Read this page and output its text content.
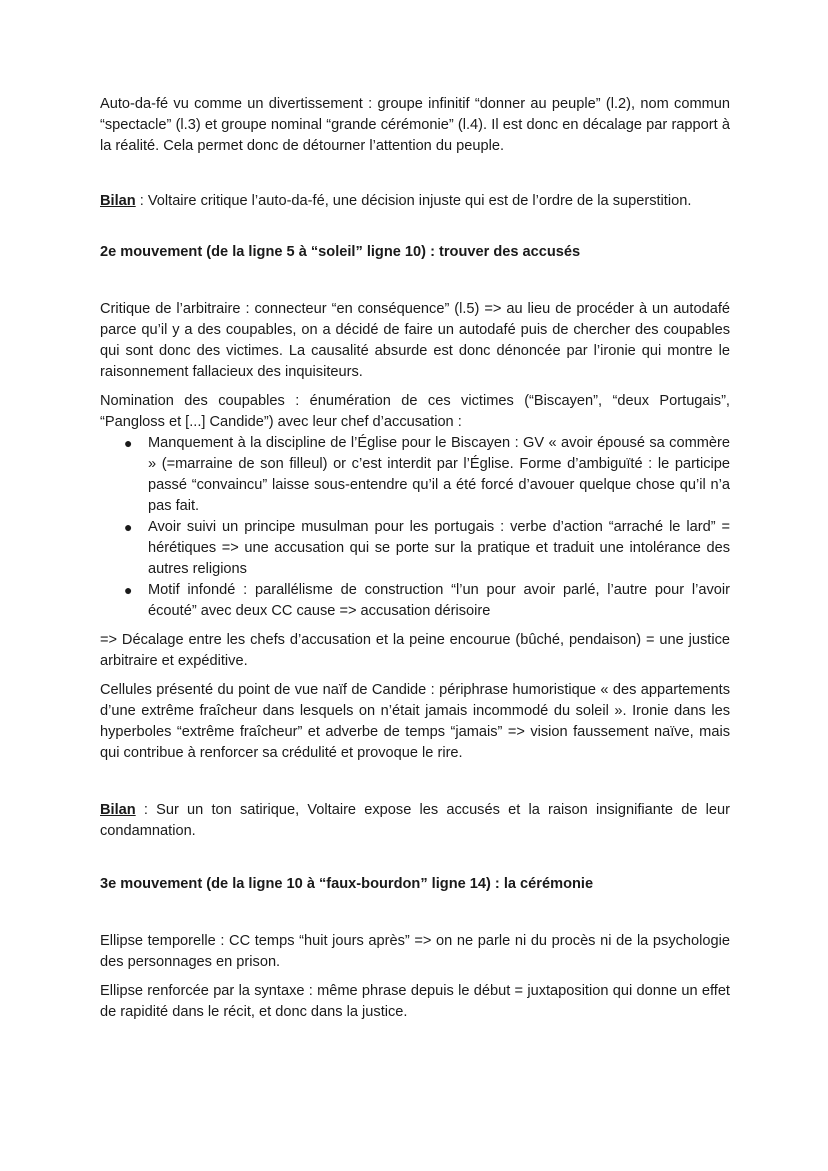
Auto-da-fé vu comme un divertissement : groupe infinitif “donner au peuple” (l.2), nom commun “spectacle” (l.3) et groupe nominal “grande cérémonie” (l.4). Il est donc en décalage par rapport à la réalité. Cela permet donc de détourner l’attention du peuple.

Bilan : Voltaire critique l’auto-da-fé, une décision injuste qui est de l’ordre de la superstition.

2e mouvement (de la ligne 5 à “soleil” ligne 10) : trouver des accusés

Critique de l’arbitraire : connecteur “en conséquence” (l.5) => au lieu de procéder à un autodafé parce qu’il y a des coupables, on a décidé de faire un autodafé puis de chercher des coupables qui sont donc des victimes. La causalité absurde est donc dénoncée par l’ironie qui montre le raisonnement fallacieux des inquisiteurs.

Nomination des coupables : énumération de ces victimes (“Biscayen”, “deux Portugais”, “Pangloss et [...] Candide”) avec leur chef d’accusation :

● Manquement à la discipline de l’Église pour le Biscayen : GV « avoir épousé sa commère » (=marraine de son filleul) or c’est interdit par l’Église. Forme d’ambiguïté : le participe passé “convaincu” laisse sous-entendre qu’il a été forcé d’avouer quelque chose qu’il n’a pas fait.
● Avoir suivi un principe musulman pour les portugais : verbe d’action “arraché le lard” = hérétiques => une accusation qui se porte sur la pratique et traduit une intolérance des autres religions
● Motif infondé : parallélisme de construction “l’un pour avoir parlé, l’autre pour l’avoir écouté” avec deux CC cause => accusation dérisoire

=> Décalage entre les chefs d’accusation et la peine encourue (bûché, pendaison) = une justice arbitraire et expéditive.

Cellules présenté du point de vue naïf de Candide : périphrase humoristique « des appartements d’une extrême fraîcheur dans lesquels on n’était jamais incommodé du soleil ». Ironie dans les hyperboles “extrême fraîcheur” et adverbe de temps “jamais” => vision faussement naïve, mais qui contribue à renforcer sa crédulité et provoque le rire.

Bilan : Sur un ton satirique, Voltaire expose les accusés et la raison insignifiante de leur condamnation.

3e mouvement (de la ligne 10 à “faux-bourdon” ligne 14) : la cérémonie

Ellipse temporelle : CC temps “huit jours après” => on ne parle ni du procès ni de la psychologie des personnages en prison.

Ellipse renforcée par la syntaxe : même phrase depuis le début = juxtaposition qui donne un effet de rapidité dans le récit, et donc dans la justice.
